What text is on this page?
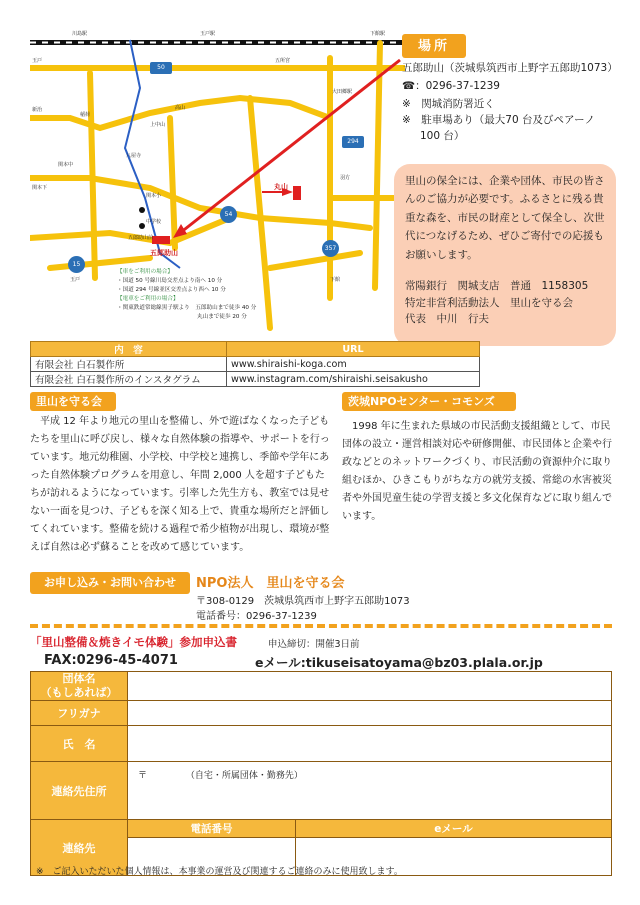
川島駅	玉戸駅	下館駅
玉戸	五所宮
新治
稲荷
関本中
関本下
大田郷駅
高山
丸山
羽方
五郎助山
関本小
中学校
八屋寺
上中山
五郎助山前
下館
玉戸
50
294
54
357
15
【車をご利用の場合】
・国道 50 号線川島交差点より南へ 10 分
・国道 294 号線並区交差点より西へ 10 分
【電車をご利用の場合】
・関東鉄道常総線黒子駅より　五郎助山まで徒歩 40 分
丸山まで徒歩 20 分
場所
五郎助山（茨城県筑西市上野字五郎助1073）
☎：0296-37-1239
※　関城消防署近く
※　駐車場あり（最大70 台及びペアーノ
100 台）
里山の保全には、企業や団体、市民の皆さんのご協力が必要です。ふるさとに残る貴重な森を、市民の財産として保全し、次世代につなげるため、ぜひご寄付での応援もお願いします。
常陽銀行　関城支店　普通　1158305
特定非営利活動法人　里山を守る会
代表　中川　行夫
内　容	URL
有限会社 白石製作所	www.shiraishi-koga.com
有限会社 白石製作所のインスタグラム	www.instagram.com/shiraishi.seisakusho
里山を守る会
　平成 12 年より地元の里山を整備し、外で遊ばなくなった子どもたちを里山に呼び戻し、様々な自然体験の指導や、サポートを行っています。地元幼稚園、小学校、中学校と連携し、季節や学年にあった自然体験プログラムを用意し、年間 2,000 人を超す子どもたちが訪れるようになっています。引率した先生方も、教室では見せない一面を見つけ、子どもを深く知る上で、貴重な場所だと評価してくれています。整備を続ける過程で希少植物が出現し、環境が整えば自然は必ず蘇ることを改めて感じています。
茨城NPOセンター・コモンズ
　1998 年に生まれた県域の市民活動支援組織として、市民団体の設立・運営相談対応や研修開催、市民団体と企業や行政などとのネットワークづくり、市民活動の資源仲介に取り組むほか、ひきこもりがちな方の就労支援、常総の水害被災者や外国児童生徒の学習支援と多文化保育などに取り組んでいます。
お申し込み・お問い合わせ	NPO法人　里山を守る会
〒308-0129　茨城県筑西市上野字五郎助1073
電話番号：0296-37-1239
「里山整備＆焼きイモ体験」参加申込書	申込締切：開催3日前
FAX:0296-45-4071	eメール:tikuseisatoyama@bz03.plala.or.jp
団体名
（もしあれば）		

フリガナ		
氏　名		
連絡先住所	〒 （自宅・所属団体・勤務先）	
連絡先	電話番号	eメール

※　ご記入いただいた個人情報は、本事業の運営及び関連するご連絡のみに使用致します。
